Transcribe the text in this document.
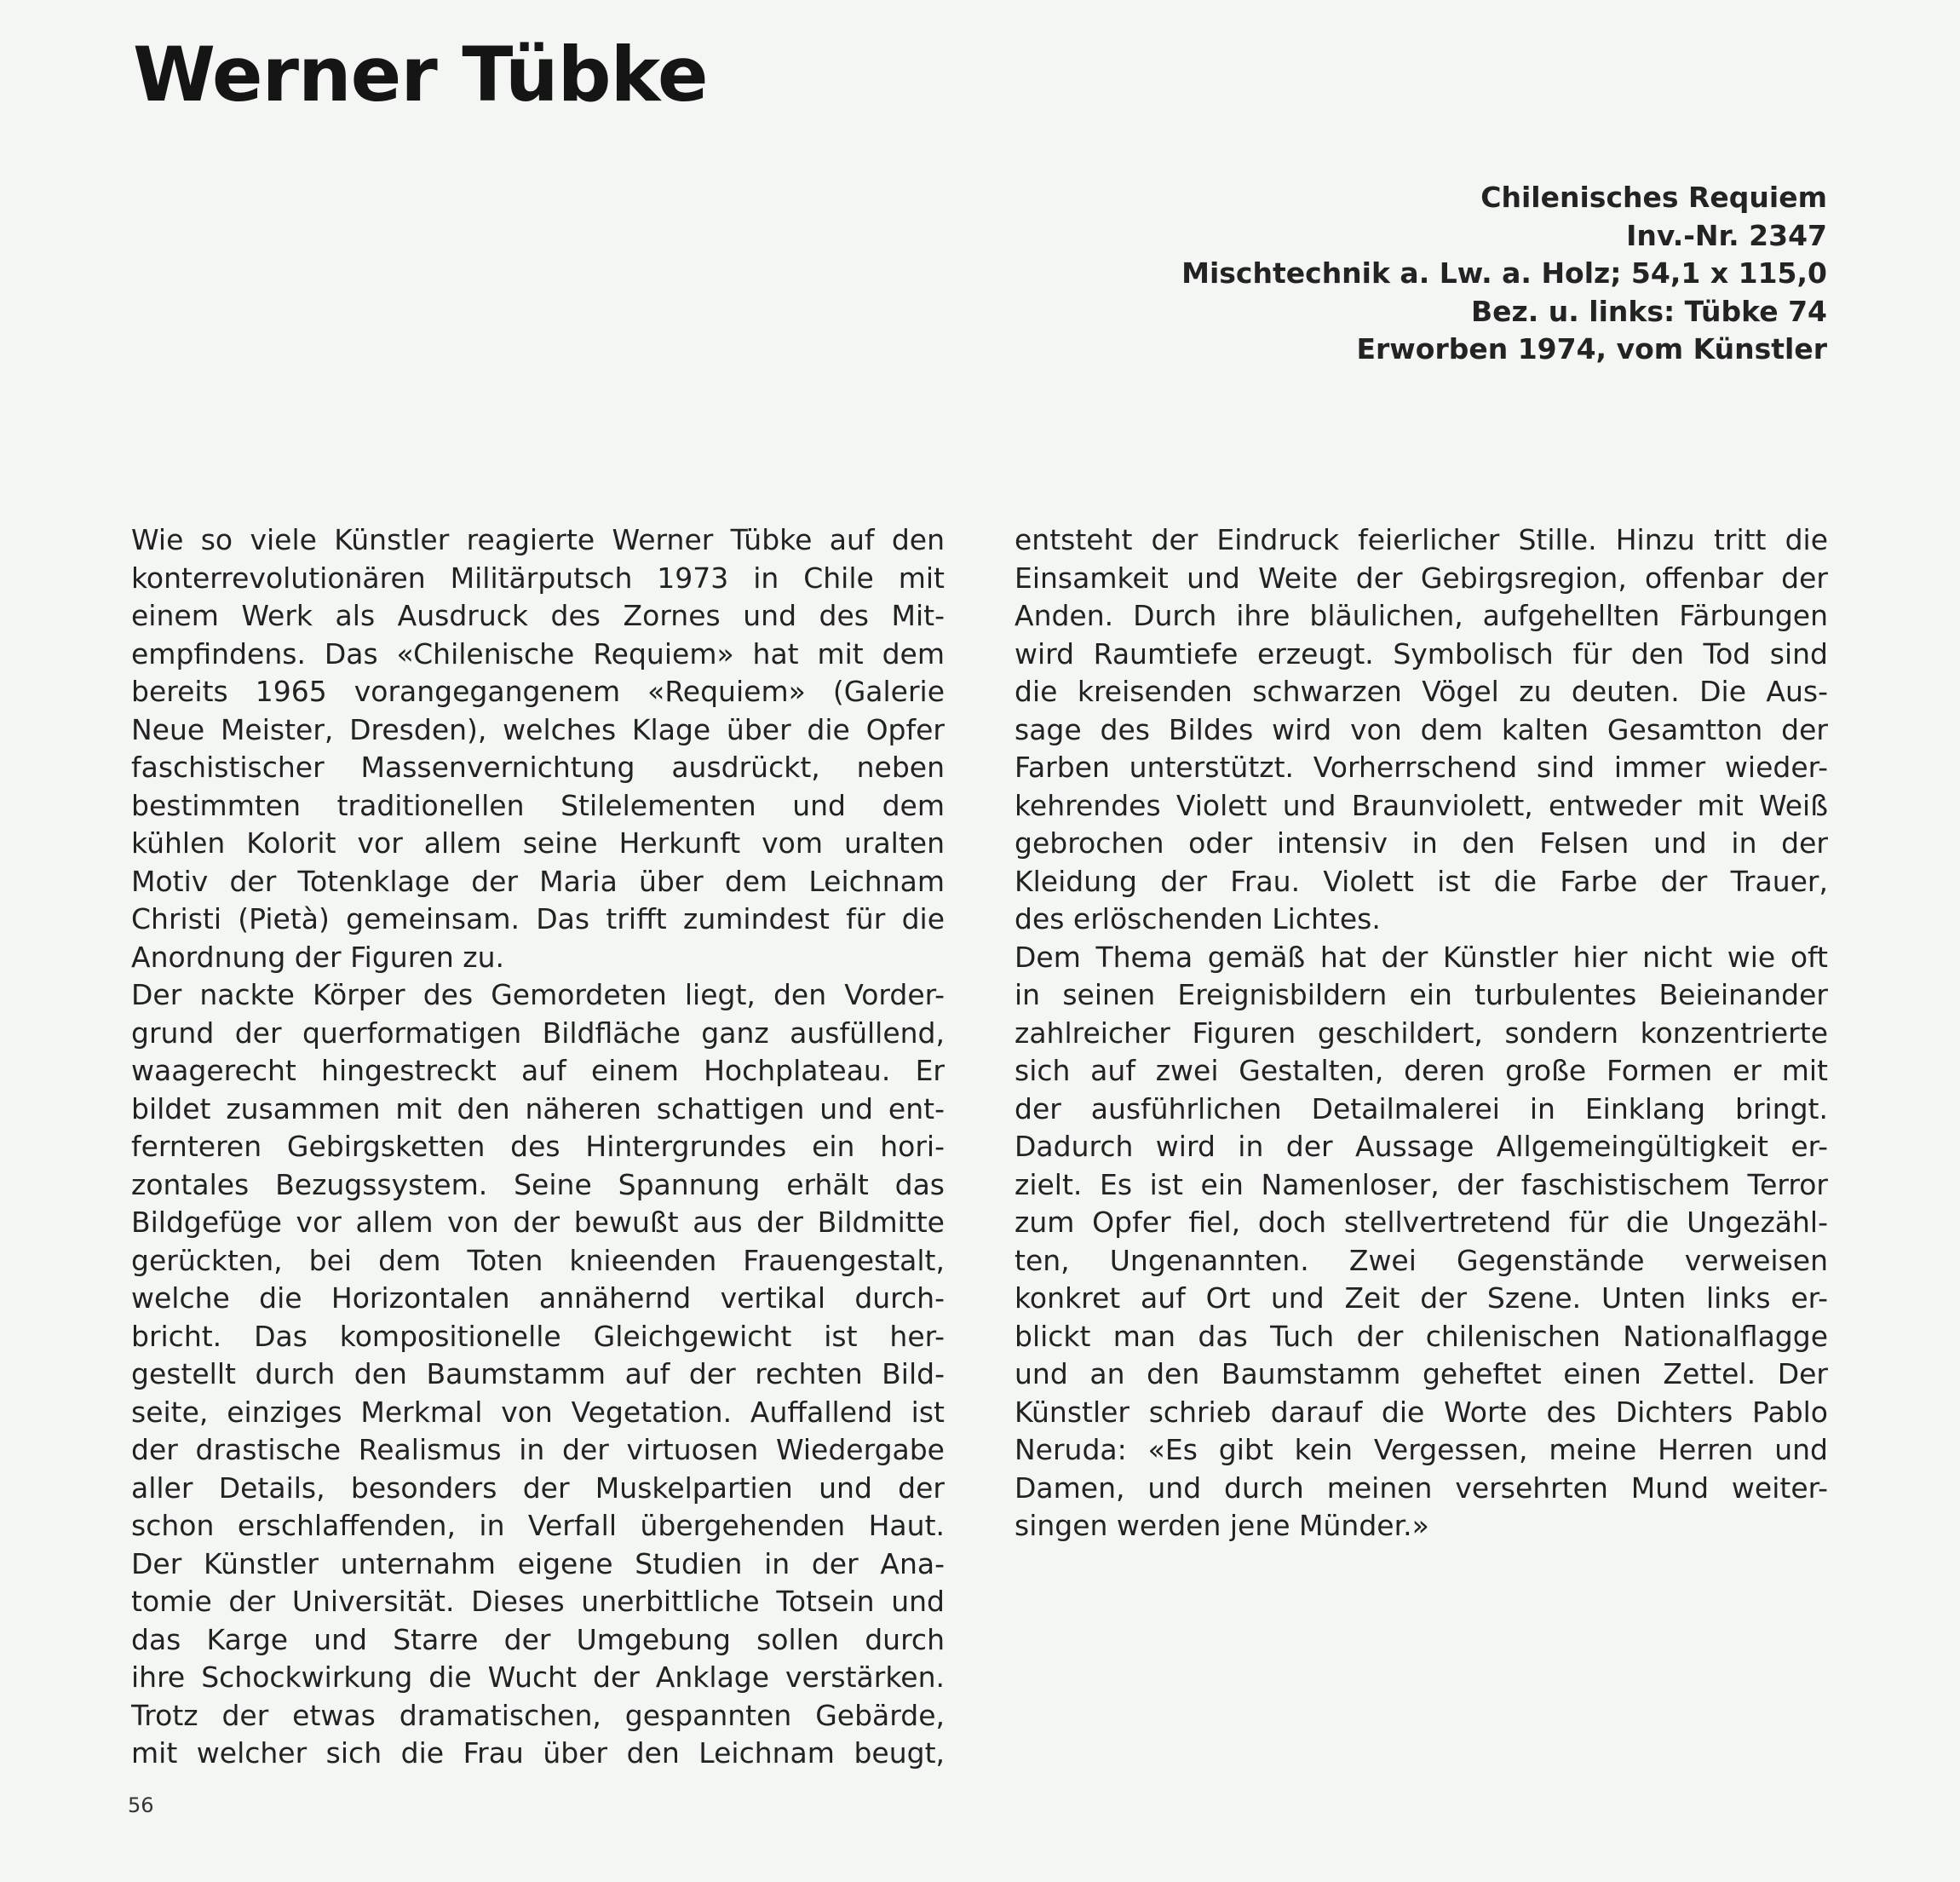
Werner Tübke
Chilenisches Requiem
Inv.-Nr. 2347
Mischtechnik a. Lw. a. Holz; 54,1 x 115,0
Bez. u. links: Tübke 74
Erworben 1974, vom Künstler
Wie so viele Künstler reagierte Werner Tübke auf den
konterrevolutionären Militärputsch 1973 in Chile mit
einem Werk als Ausdruck des Zornes und des Mit-
empfindens. Das «Chilenische Requiem» hat mit dem
bereits 1965 vorangegangenem «Requiem» (Galerie
Neue Meister, Dresden), welches Klage über die Opfer
faschistischer Massenvernichtung ausdrückt, neben
bestimmten traditionellen Stilelementen und dem
kühlen Kolorit vor allem seine Herkunft vom uralten
Motiv der Totenklage der Maria über dem Leichnam
Christi (Pietà) gemeinsam. Das trifft zumindest für die
Anordnung der Figuren zu.
Der nackte Körper des Gemordeten liegt, den Vorder-
grund der querformatigen Bildfläche ganz ausfüllend,
waagerecht hingestreckt auf einem Hochplateau. Er
bildet zusammen mit den näheren schattigen und ent-
fernteren Gebirgsketten des Hintergrundes ein hori-
zontales Bezugssystem. Seine Spannung erhält das
Bildgefüge vor allem von der bewußt aus der Bildmitte
gerückten, bei dem Toten knieenden Frauengestalt,
welche die Horizontalen annähernd vertikal durch-
bricht. Das kompositionelle Gleichgewicht ist her-
gestellt durch den Baumstamm auf der rechten Bild-
seite, einziges Merkmal von Vegetation. Auffallend ist
der drastische Realismus in der virtuosen Wiedergabe
aller Details, besonders der Muskelpartien und der
schon erschlaffenden, in Verfall übergehenden Haut.
Der Künstler unternahm eigene Studien in der Ana-
tomie der Universität. Dieses unerbittliche Totsein und
das Karge und Starre der Umgebung sollen durch
ihre Schockwirkung die Wucht der Anklage verstärken.
Trotz der etwas dramatischen, gespannten Gebärde,
mit welcher sich die Frau über den Leichnam beugt,
entsteht der Eindruck feierlicher Stille. Hinzu tritt die
Einsamkeit und Weite der Gebirgsregion, offenbar der
Anden. Durch ihre bläulichen, aufgehellten Färbungen
wird Raumtiefe erzeugt. Symbolisch für den Tod sind
die kreisenden schwarzen Vögel zu deuten. Die Aus-
sage des Bildes wird von dem kalten Gesamtton der
Farben unterstützt. Vorherrschend sind immer wieder-
kehrendes Violett und Braunviolett, entweder mit Weiß
gebrochen oder intensiv in den Felsen und in der
Kleidung der Frau. Violett ist die Farbe der Trauer,
des erlöschenden Lichtes.
Dem Thema gemäß hat der Künstler hier nicht wie oft
in seinen Ereignisbildern ein turbulentes Beieinander
zahlreicher Figuren geschildert, sondern konzentrierte
sich auf zwei Gestalten, deren große Formen er mit
der ausführlichen Detailmalerei in Einklang bringt.
Dadurch wird in der Aussage Allgemeingültigkeit er-
zielt. Es ist ein Namenloser, der faschistischem Terror
zum Opfer fiel, doch stellvertretend für die Ungezähl-
ten, Ungenannten. Zwei Gegenstände verweisen
konkret auf Ort und Zeit der Szene. Unten links er-
blickt man das Tuch der chilenischen Nationalflagge
und an den Baumstamm geheftet einen Zettel. Der
Künstler schrieb darauf die Worte des Dichters Pablo
Neruda: «Es gibt kein Vergessen, meine Herren und
Damen, und durch meinen versehrten Mund weiter-
singen werden jene Münder.»
56
